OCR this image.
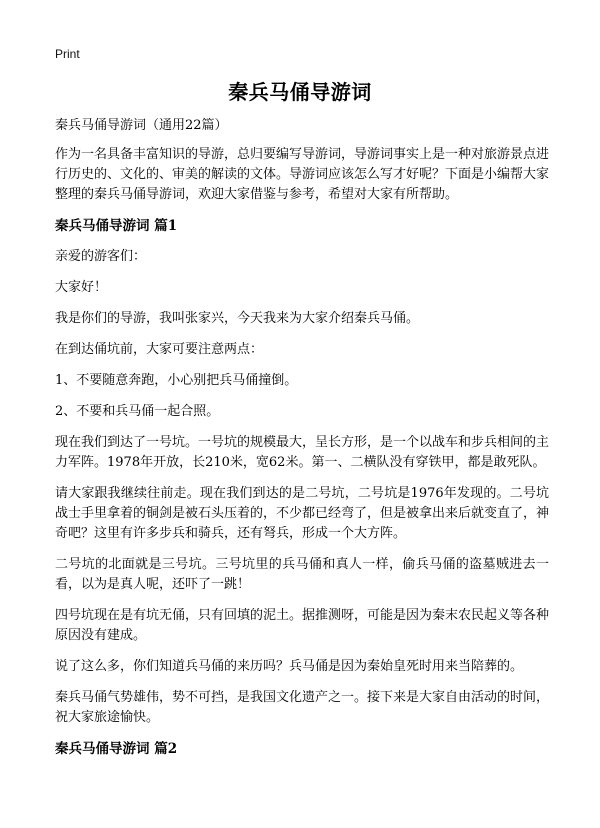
Print
秦兵马俑导游词

秦兵马俑导游词（通用22篇）

作为一名具备丰富知识的导游，总归要编写导游词，导游词事实上是一种对旅游景点进行历史的、文化的、审美的解读的文体。导游词应该怎么写才好呢？下面是小编帮大家整理的秦兵马俑导游词，欢迎大家借鉴与参考，希望对大家有所帮助。

秦兵马俑导游词 篇1

亲爱的游客们：

大家好！

我是你们的导游，我叫张家兴，今天我来为大家介绍秦兵马俑。

在到达俑坑前，大家可要注意两点：

1、不要随意奔跑，小心别把兵马俑撞倒。

2、不要和兵马俑一起合照。

现在我们到达了一号坑。一号坑的规模最大，呈长方形，是一个以战车和步兵相间的主力军阵。1978年开放，长210米，宽62米。第一、二横队没有穿铁甲，都是敢死队。

请大家跟我继续往前走。现在我们到达的是二号坑，二号坑是1976年发现的。二号坑战士手里拿着的铜剑是被石头压着的，不少都已经弯了，但是被拿出来后就变直了，神奇吧？这里有许多步兵和骑兵，还有弩兵，形成一个大方阵。

二号坑的北面就是三号坑。三号坑里的兵马俑和真人一样，偷兵马俑的盗墓贼进去一看，以为是真人呢，还吓了一跳！

四号坑现在是有坑无俑，只有回填的泥土。据推测呀，可能是因为秦末农民起义等各种原因没有建成。

说了这么多，你们知道兵马俑的来历吗？兵马俑是因为秦始皇死时用来当陪葬的。

秦兵马俑气势雄伟，势不可挡，是我国文化遗产之一。接下来是大家自由活动的时间，祝大家旅途愉快。

秦兵马俑导游词 篇2
